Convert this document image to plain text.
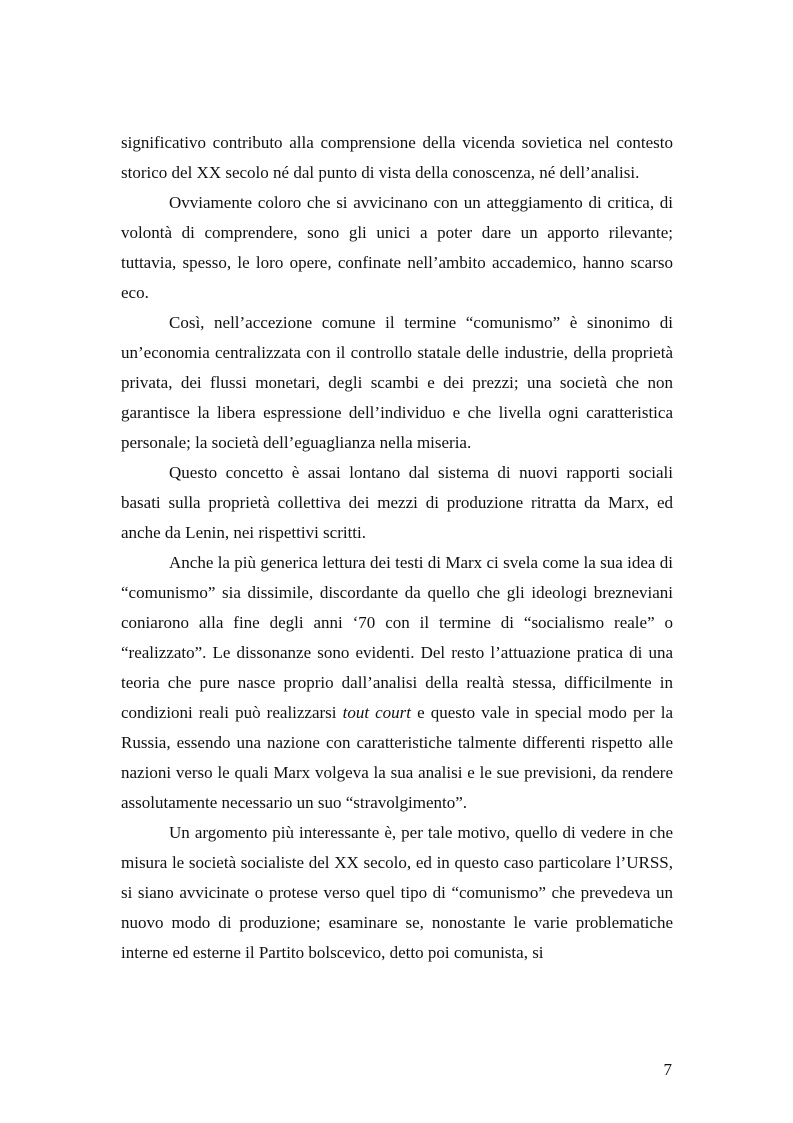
significativo contributo alla comprensione della vicenda sovietica nel contesto storico del XX secolo né dal punto di vista della conoscenza, né dell’analisi.

Ovviamente coloro che si avvicinano con un atteggiamento di critica, di volontà di comprendere, sono gli unici a poter dare un apporto rilevante; tuttavia, spesso, le loro opere, confinate nell’ambito accademico, hanno scarso eco.

Così, nell’accezione comune il termine “comunismo” è sinonimo di un’economia centralizzata con il controllo statale delle industrie, della proprietà privata, dei flussi monetari, degli scambi e dei prezzi; una società che non garantisce la libera espressione dell’individuo e che livella ogni caratteristica personale; la società dell’eguaglianza nella miseria.

Questo concetto è assai lontano dal sistema di nuovi rapporti sociali basati sulla proprietà collettiva dei mezzi di produzione ritratta da Marx, ed anche da Lenin, nei rispettivi scritti.

Anche la più generica lettura dei testi di Marx ci svela come la sua idea di “comunismo” sia dissimile, discordante da quello che gli ideologi brezneviani coniarono alla fine degli anni ‘70 con il termine di “socialismo reale” o “realizzato”. Le dissonanze sono evidenti. Del resto l’attuazione pratica di una teoria che pure nasce proprio dall’analisi della realtà stessa, difficilmente in condizioni reali può realizzarsi tout court e questo vale in special modo per la Russia, essendo una nazione con caratteristiche talmente differenti rispetto alle nazioni verso le quali Marx volgeva la sua analisi e le sue previsioni, da rendere assolutamente necessario un suo “stravolgimento”.

Un argomento più interessante è, per tale motivo, quello di vedere in che misura le società socialiste del XX secolo, ed in questo caso particolare l’URSS, si siano avvicinate o protese verso quel tipo di “comunismo” che prevedeva un nuovo modo di produzione; esaminare se, nonostante le varie problematiche interne ed esterne il Partito bolscevico, detto poi comunista, si

7
